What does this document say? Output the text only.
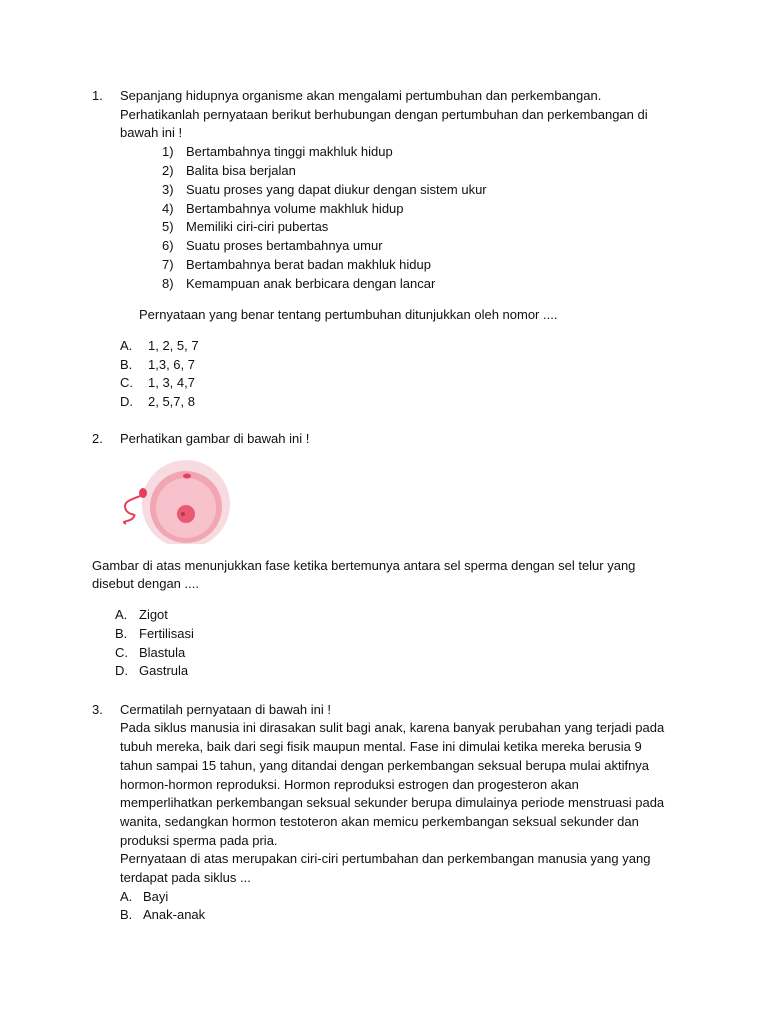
1. Sepanjang hidupnya organisme akan mengalami pertumbuhan dan perkembangan.
Perhatikanlah pernyataan berikut berhubungan dengan pertumbuhan dan perkembangan di
bawah ini !
1) Bertambahnya tinggi makhluk hidup
2) Balita bisa berjalan
3) Suatu proses yang dapat diukur dengan sistem ukur
4) Bertambahnya volume makhluk hidup
5) Memiliki ciri-ciri pubertas
6) Suatu proses bertambahnya umur
7) Bertambahnya berat badan makhluk hidup
8) Kemampuan anak berbicara dengan lancar
Pernyataan yang benar tentang pertumbuhan ditunjukkan oleh nomor ....
A. 1, 2, 5, 7
B. 1,3, 6, 7
C. 1, 3, 4,7
D. 2, 5,7, 8
2. Perhatikan gambar di bawah ini !
Gambar di atas menunjukkan fase ketika bertemunya antara sel sperma dengan sel telur yang
disebut dengan ....
A. Zigot
B. Fertilisasi
C. Blastula
D. Gastrula
3. Cermatilah pernyataan di bawah ini !
Pada siklus manusia ini dirasakan sulit bagi anak, karena banyak perubahan yang terjadi pada
tubuh mereka, baik dari segi fisik maupun mental. Fase ini dimulai ketika mereka berusia 9
tahun sampai 15 tahun, yang ditandai dengan perkembangan seksual berupa mulai aktifnya
hormon-hormon reproduksi. Hormon reproduksi estrogen dan progesteron akan
memperlihatkan perkembangan seksual sekunder berupa dimulainya periode menstruasi pada
wanita, sedangkan hormon testoteron akan memicu perkembangan seksual sekunder dan
produksi sperma pada pria.
Pernyataan di atas merupakan ciri-ciri pertumbahan dan perkembangan manusia yang yang
terdapat pada siklus ...
A. Bayi
B. Anak-anak
